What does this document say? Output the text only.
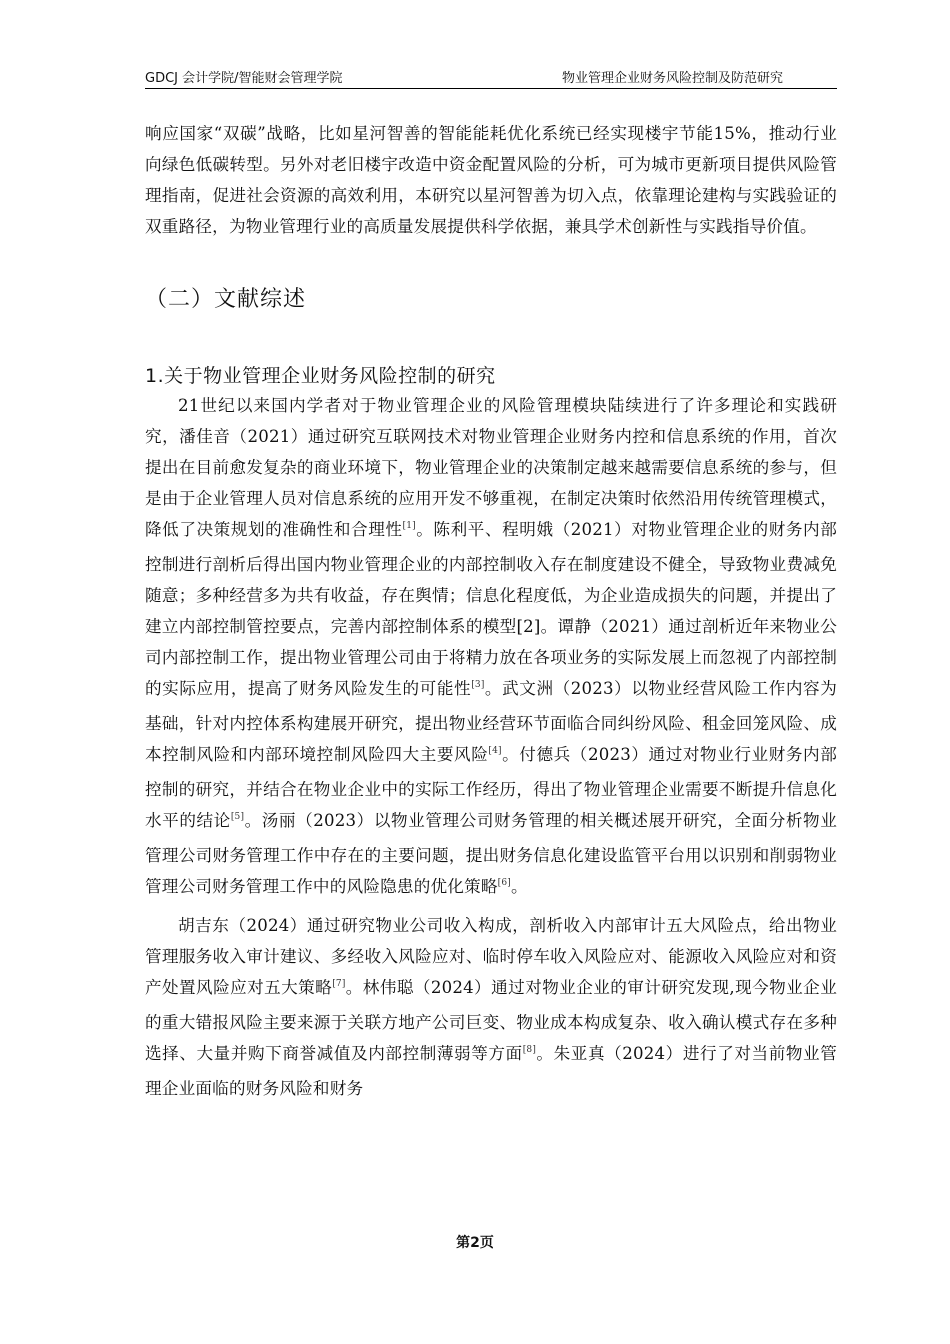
GDCJ 会计学院/智能财会管理学院	物业管理企业财务风险控制及防范研究

响应国家“双碳”战略，比如星河智善的智能能耗优化系统已经实现楼宇节能15%，推动行业向绿色低碳转型。另外对老旧楼宇改造中资金配置风险的分析，可为城市更新项目提供风险管理指南，促进社会资源的高效利用，本研究以星河智善为切入点，依靠理论建构与实践验证的双重路径，为物业管理行业的高质量发展提供科学依据，兼具学术创新性与实践指导价值。

（二）文献综述
1.关于物业管理企业财务风险控制的研究

21世纪以来国内学者对于物业管理企业的风险管理模块陆续进行了许多理论和实践研究，潘佳音（2021）通过研究互联网技术对物业管理企业财务内控和信息系统的作用，首次提出在目前愈发复杂的商业环境下，物业管理企业的决策制定越来越需要信息系统的参与，但是由于企业管理人员对信息系统的应用开发不够重视，在制定决策时依然沿用传统管理模式，降低了决策规划的准确性和合理性[1]。陈利平、程明娥（2021）对物业管理企业的财务内部控制进行剖析后得出国内物业管理企业的内部控制收入存在制度建设不健全，导致物业费减免随意；多种经营多为共有收益，存在舆情；信息化程度低，为企业造成损失的问题，并提出了建立内部控制管控要点，完善内部控制体系的模型[2]。谭静（2021）通过剖析近年来物业公司内部控制工作，提出物业管理公司由于将精力放在各项业务的实际发展上而忽视了内部控制的实际应用，提高了财务风险发生的可能性[3]。武文洲（2023）以物业经营风险工作内容为基础，针对内控体系构建展开研究，提出物业经营环节面临合同纠纷风险、租金回笼风险、成本控制风险和内部环境控制风险四大主要风险[4]。付德兵（2023）通过对物业行业财务内部控制的研究，并结合在物业企业中的实际工作经历，得出了物业管理企业需要不断提升信息化水平的结论[5]。汤丽（2023）以物业管理公司财务管理的相关概述展开研究，全面分析物业管理公司财务管理工作中存在的主要问题，提出财务信息化建设监管平台用以识别和削弱物业管理公司财务管理工作中的风险隐患的优化策略[6]。

胡吉东（2024）通过研究物业公司收入构成，剖析收入内部审计五大风险点，给出物业管理服务收入审计建议、多经收入风险应对、临时停车收入风险应对、能源收入风险应对和资产处置风险应对五大策略[7]。林伟聪（2024）通过对物业企业的审计研究发现,现今物业企业的重大错报风险主要来源于关联方地产公司巨变、物业成本构成复杂、收入确认模式存在多种选择、大量并购下商誉减值及内部控制薄弱等方面[8]。朱亚真（2024）进行了对当前物业管理企业面临的财务风险和财务

第2页
